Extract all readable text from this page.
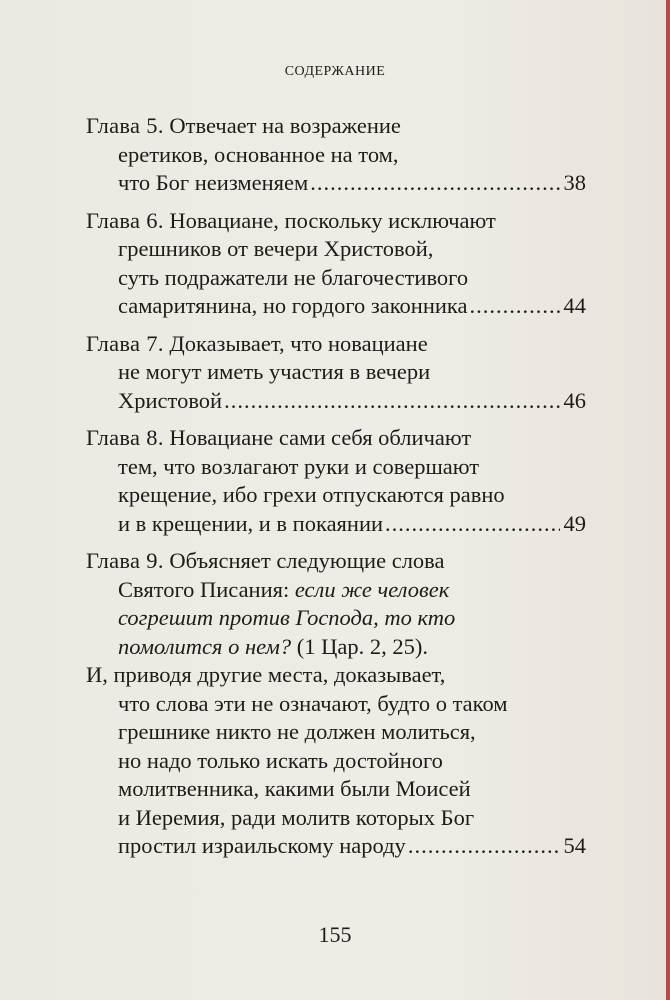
СОДЕРЖАНИЕ
Глава 5. Отвечает на возражение
еретиков, основанное на том,
что Бог неизменяем .....	38
Глава 6. Новациане, поскольку исключают
грешников от вечери Христовой,
суть подражатели не благочестивого
самаритянина, но гордого законника .....	44
Глава 7. Доказывает, что новациане
не могут иметь участия в вечери
Христовой .....	46
Глава 8. Новациане сами себя обличают
тем, что возлагают руки и совершают
крещение, ибо грехи отпускаются равно
и в крещении, и в покаянии .....	49
Глава 9. Объясняет следующие слова
Святого Писания: если же человек
согрешит против Господа, то кто
помолится о нем? (1 Цар. 2, 25).
И, приводя другие места, доказывает,
что слова эти не означают, будто о таком
грешнике никто не должен молиться,
но надо только искать достойного
молитвенника, какими были Моисей
и Иеремия, ради молитв которых Бог
простил израильскому народу .....	54
155
